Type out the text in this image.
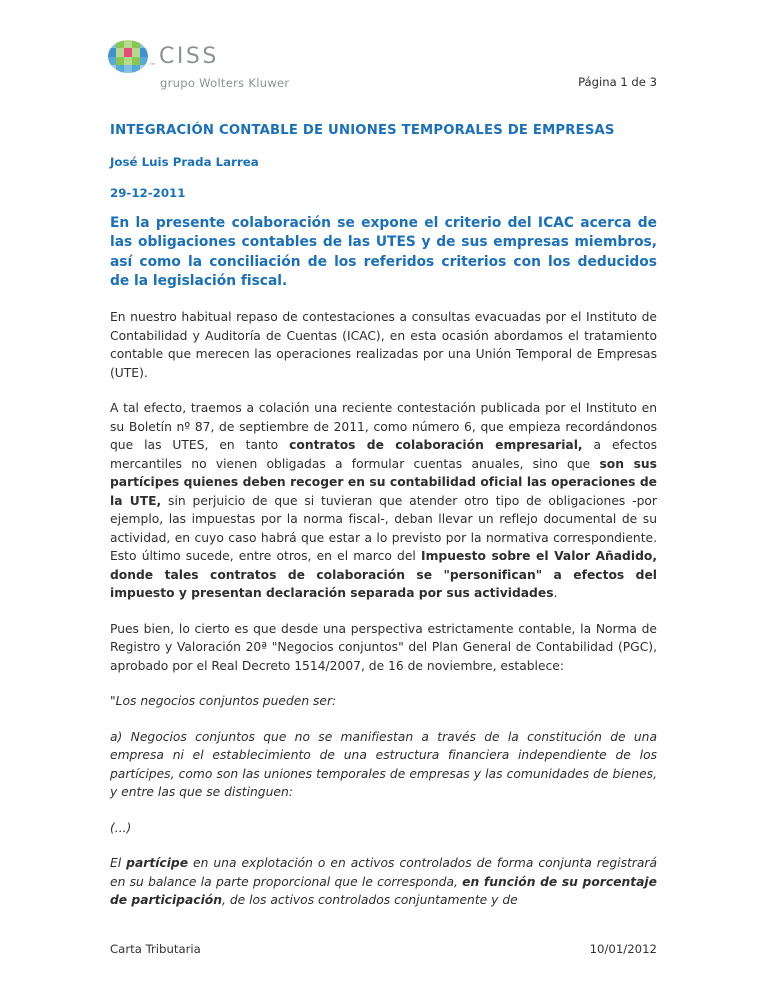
™ CISS
grupo Wolters Kluwer	Página 1 de 3
INTEGRACIÓN CONTABLE DE UNIONES TEMPORALES DE EMPRESAS

José Luis Prada Larrea

29-12-2011

En la presente colaboración se expone el criterio del ICAC acerca de las obligaciones contables de las UTES y de sus empresas miembros, así como la conciliación de los referidos criterios con los deducidos de la legislación fiscal.

En nuestro habitual repaso de contestaciones a consultas evacuadas por el Instituto de Contabilidad y Auditoría de Cuentas (ICAC), en esta ocasión abordamos el tratamiento contable que merecen las operaciones realizadas por una Unión Temporal de Empresas (UTE).

A tal efecto, traemos a colación una reciente contestación publicada por el Instituto en su Boletín nº 87, de septiembre de 2011, como número 6, que empieza recordándonos que las UTES, en tanto contratos de colaboración empresarial, a efectos mercantiles no vienen obligadas a formular cuentas anuales, sino que son sus partícipes quienes deben recoger en su contabilidad oficial las operaciones de la UTE, sin perjuicio de que si tuvieran que atender otro tipo de obligaciones -por ejemplo, las impuestas por la norma fiscal-, deban llevar un reflejo documental de su actividad, en cuyo caso habrá que estar a lo previsto por la normativa correspondiente. Esto último sucede, entre otros, en el marco del Impuesto sobre el Valor Añadido, donde tales contratos de colaboración se "personifican" a efectos del impuesto y presentan declaración separada por sus actividades.

Pues bien, lo cierto es que desde una perspectiva estrictamente contable, la Norma de Registro y Valoración 20ª "Negocios conjuntos" del Plan General de Contabilidad (PGC), aprobado por el Real Decreto 1514/2007, de 16 de noviembre, establece:

"Los negocios conjuntos pueden ser:

a) Negocios conjuntos que no se manifiestan a través de la constitución de una empresa ni el establecimiento de una estructura financiera independiente de los partícipes, como son las uniones temporales de empresas y las comunidades de bienes, y entre las que se distinguen:

(...)

El partícipe en una explotación o en activos controlados de forma conjunta registrará en su balance la parte proporcional que le corresponda, en función de su porcentaje de participación, de los activos controlados conjuntamente y de

Carta Tributaria	10/01/2012
